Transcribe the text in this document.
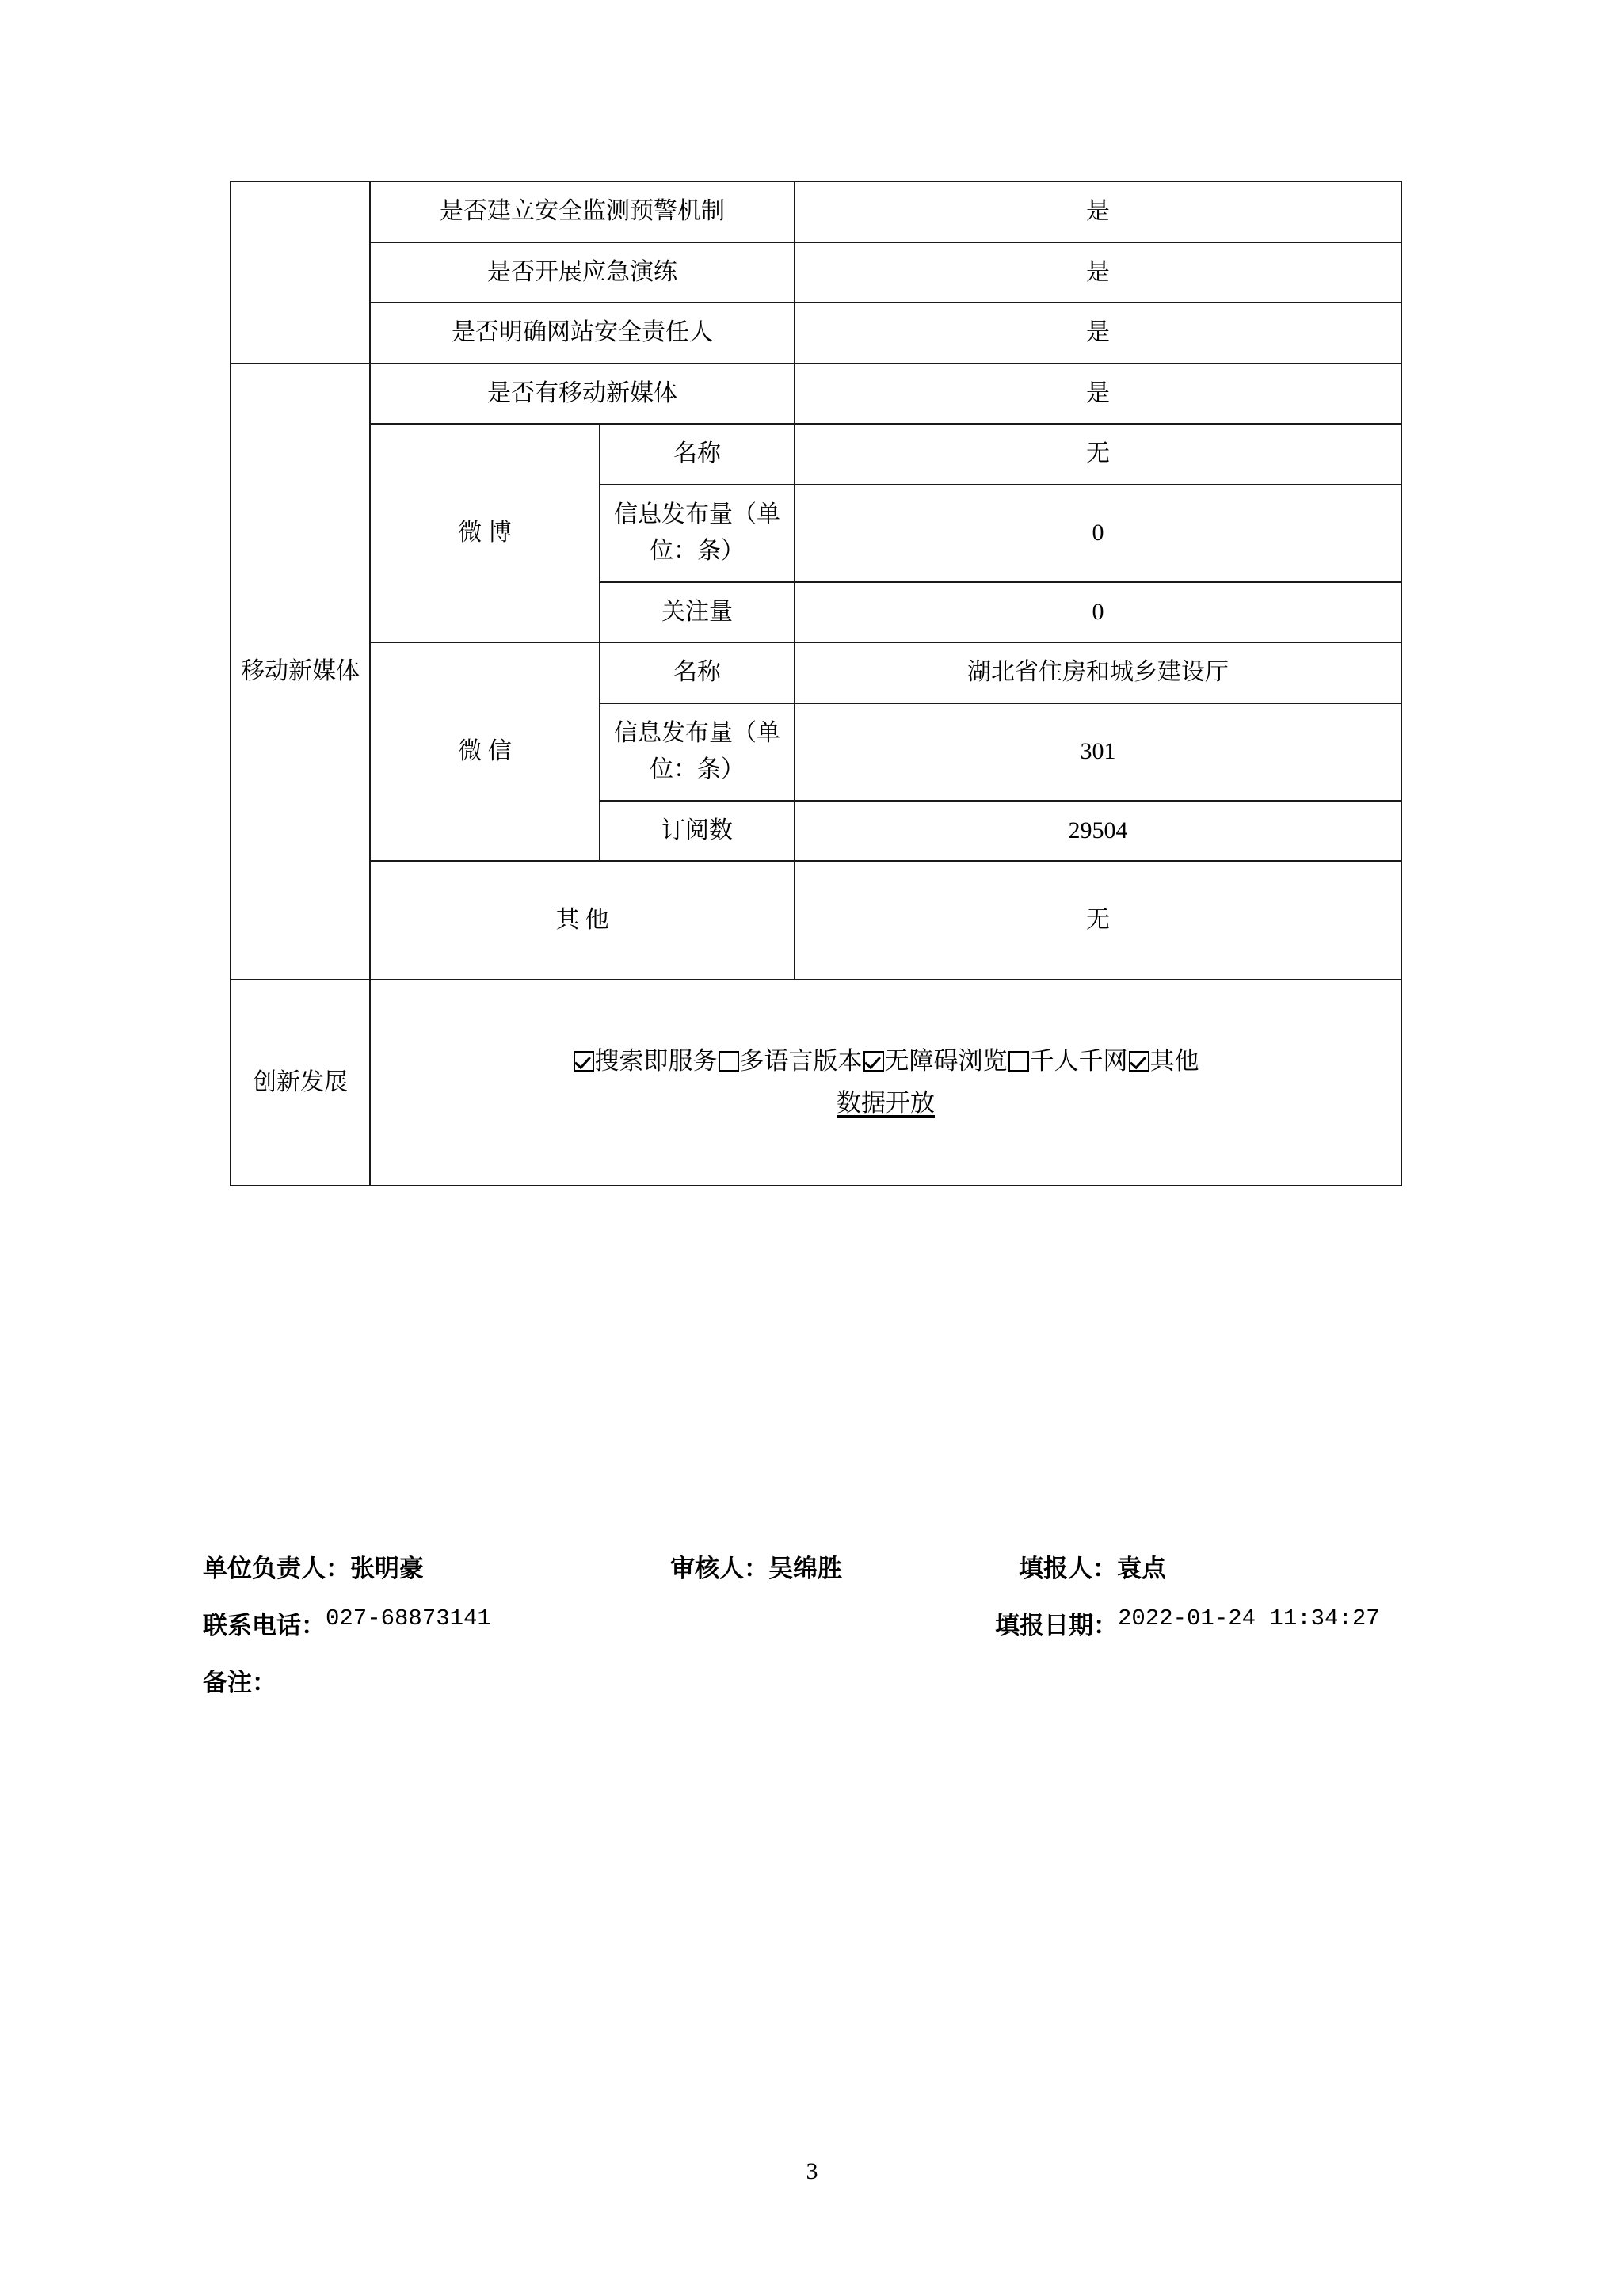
	是否建立安全监测预警机制		是
	是否开展应急演练		是
	是否明确网站安全责任人		是
移动新媒体	是否有移动新媒体		是
	微 博	名称	无
		信息发布量（单位：条）	0
		关注量	0
	微 信	名称	湖北省住房和城乡建设厅
		信息发布量（单位：条）	301
		订阅数	29504
	其 他		无
创新发展	搜索即服务 多语言版本 无障碍浏览 千人千网 其他
数据开放		
单位负责人：张明豪	审核人：吴绵胜	填报人：袁点
联系电话： 027-68873141	填报日期： 2022-01-24 11:34:27
备注：
3
